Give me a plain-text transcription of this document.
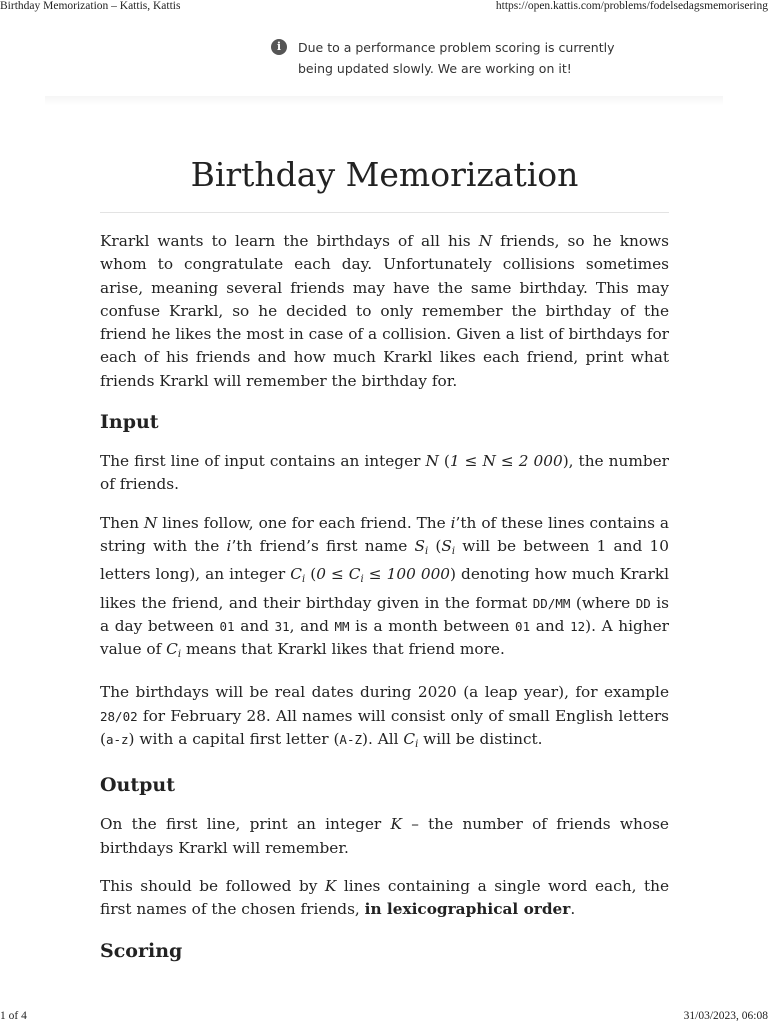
Birthday Memorization – Kattis, Kattis	https://open.kattis.com/problems/fodelsedagsmemorisering
i	Due to a performance problem scoring is currently being updated slowly. We are working on it!
Birthday Memorization

Krarkl wants to learn the birthdays of all his N friends, so he knows whom to congratulate each day. Unfortunately collisions sometimes arise, meaning several friends may have the same birthday. This may confuse Krarkl, so he decided to only remember the birthday of the friend he likes the most in case of a collision. Given a list of birthdays for each of his friends and how much Krarkl likes each friend, print what friends Krarkl will remember the birthday for.

Input

The first line of input contains an integer N (1 ≤ N ≤ 2 000), the number of friends.

Then N lines follow, one for each friend. The i’th of these lines contains a string with the i’th friend’s first name $S_i$ ($S_i$ will be between 1 and 10 letters long), an integer $C_i$ ($0 \le C_i \le 100$ 000) denoting how much Krarkl likes the friend, and their birthday given in the format DD/MM (where DD is a day between 01 and 31, and MM is a month between 01 and 12). A higher value of $C_i$ means that Krarkl likes that friend more.

The birthdays will be real dates during 2020 (a leap year), for example 28/02 for February 28. All names will consist only of small English letters (a-z) with a capital first letter (A-Z). All $C_i$ will be distinct.

Output

On the first line, print an integer K – the number of friends whose birthdays Krarkl will remember.

This should be followed by K lines containing a single word each, the first names of the chosen friends, in lexicographical order.

Scoring
1 of 4	31/03/2023, 06:08
